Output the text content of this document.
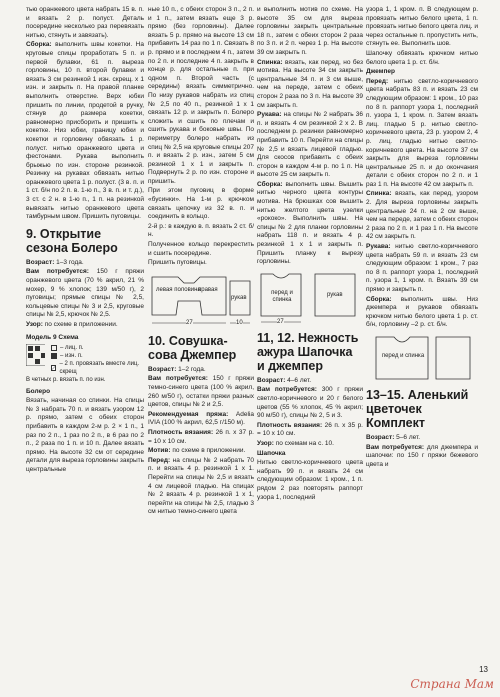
тью оранжевого цвета набрать 15 в. п. и вязать 2 р. полуст. Деталь посередине несколько раз перевязать нитью, стянуть и завязать).

Сборка: выполнить швы кокетки. На круговые спицы проработать 5 п. и первой булавки, 61 п. выреза горловины, 10 п. второй булавки и вязать 3 см резинкой 1 изн. скрещ. х 1 изн. и закрыть п. На правой планке выполнить отверстие. Верх юбки пришить по линии, продетой в ручку, стянув до размера кокетки, равномерно присборить и пришить к кокетке. Низ юбки, границу юбки и кокетки и горловину обвязать 1 р. полуст. нитью оранжевого цвета и фестонами. Рукава выполнить брыжью по изн. стороне резинкой. Резинку на рукавах обвязать нитью оранжевого цвета 1 р. полуст. (3 в. п. и 1 ст. б/н по 2 п. в. 1-ю п., 3 в. п. и т. д.), 3 ст. с 2 н. в 1-ю п., 1 п. на резинкой вывязать нитью оранжевого цвета тамбурным швом. Пришить пуговицы.

9. Открытие сезона Болеро

Возраст: 1–3 года.

Вам потребуется: 150 г пряжи оранжевого цвета (70 % акрил, 21 % мохер, 9 % хлопок; 139 м/50 г), 2 пуговицы; прямые спицы № 2,5, кольцевые спицы № 3 и 2,5, круговые спицы № 2,5, крючок № 2,5.

Узор: по схеме в приложении.

Модель 9 Схема
– лиц. п.
– изн. п.
– 2 п. провязать вместе лиц. скрещ
В четных р. вязать п. по изн.

Болеро

Вязать, начиная со спинки. На спицы № 3 набрать 70 п. и вязать узором 12 р. прямо, затем с обеих сторон прибавить в каждом 2-м р. 2 × 1 п., 1 раз по 2 п., 1 раз по 2 п., в 6 раз по 2 п., 2 раза по 1 п. и 10 п. Далее вязать прямо. На высоте 32 см от середине детали для выреза горловины закрыть центральные

ные 10 п., с обеих сторон 3 п., 2 п. и 1 п., затем вязать еще 3 р. прямо (без горловины). Далее вязать 5 р. прямо на высоте 13 см прибавить 14 раз по 1 п. Связать 8 р. прямо и в последнем 4 п., затем по 2 п. и последние 4 п. закрыть в конце р. для остальные п. при одном п. Второй часть (с середины) вязать симметрично. По низу рукавов набрать из спиц № 2,5 по 40 п., резинкой 1 х 1 связать 12 р. и закрыть п. Болеро сложить и сшить по плечам и сшить рукава и боковые швы. По периметру болеро набрать из спиц № 2,5 на круговые спицы 207 п. и вязать 2 р. изн., затем 5 см резинкой 1 х 1 и закрыть п. Подвернуть 2 р. по изн. стороне и пришить.

При этом пуговиц в форме «бусинки». На 1-м р. крючком связать цепочку из 32 в. п. и соединить в кольцо.

2-й р.: в каждую в. п. вязать 2 ст. б/н.

Полученное кольцо перекрестить и сшить посередине.

Пришить пуговицы.

левая половина
правая
рукав
27	10
10. Совушка-сова Джемпер

Возраст: 1–2 года.

Вам потребуется: 150 г пряжи темно-синего цвета (100 % акрил, 260 м/50 г), остатки пряжи разных цветов, спицы № 2 и 2,5.

Рекомендуемая пряжа: Adelia IVIA (100 % акрил, 62,5 г/150 м).

Плотность вязания: 26 п. х 37 р. = 10 х 10 см.

Мотив: по схеме в приложении.

Перед: на спицы № 2 набрать 70 п. и вязать 4 р. резинкой 1 х 1. Перейти на спицы № 2,5 и вязать 4 см лицевой гладью. На спицах № 2 вязать 4 р. резинкой 1 х 1, перейти на спицы № 2,5, гладью 3 см нитью темно-синего цвета

и выполнить мотив по схеме. На высоте 35 см для выреза горловины закрыть центральные 18 п., затем с обеих сторон 2 раза по 3 п. и 2 п. через 1 р. На высоте 39 см закрыть п.

Спинка: вязать, как перед, но без мотива. На высоте 34 см закрыть центральные 34 п. и 3 см выше, чем на переде, затем с обеих сторон 2 раза по 3 п. На высоте 39 см закрыть п.

Рукава: на спицы № 2 набрать 36 п. и вязать 4 см резинкой 2 х 2. В последнем р. резинки равномерно прибавить 10 п. Перейти на спицы № 2,5 и вязать лицевой гладью. Для скосов прибавить с обеих сторон в каждом 4-м р. по 1 п. На высоте 25 см закрыть п.

Сборка: выполнить швы. Вышить нитью черного цвета контуры мотива. На брюшках сов вышить нитью желтого цвета узелки «рококо». Выполнить швы. На спицы № 2 для планки горловины набрать 118 п. и вязать 4 р. резинкой 1 х 1 и закрыть п. Пришить планку к вырезу горловины.

перед и спинка
рукав
27
11, 12. Нежность ажура Шапочка и джемпер

Возраст: 4–6 лет.

Вам потребуется: 300 г пряжи светло-коричневого и 20 г белого цветов (55 % хлопок, 45 % акрил; 90 м/50 г), спицы № 2, 5 и 3.

Плотность вязания: 26 п. х 35 р. = 10 х 10 см.

Узор: по схемам на с. 10.

Шапочка

Нитью светло-коричневого цвета набрать 99 п. и вязать 24 см следующим образом: 1 кром., 1 п. рядом 2 раз повторять раппорт узора 1, последний

узора 1, 1 кром. п. В следующем р. провязать нитью белого цвета, 1 п. провязать нитью белого цвета лиц. и через остальные п. пропустить нить, стянуть ее. Выполнить шов.

Шапочку обвязать крючком нитью белого цвета 1 р. ст. б/н.

Джемпер

Перед: нитью светло-коричневого цвета набрать 83 п. и вязать 23 см следующим образом: 1 кром., 10 раз по 8 п. раппорт узора 1, последний п. узора 1, 1 кром. п. Затем вязать лиц. гладью 5 р. нитью светло-коричневого цвета, 23 р. узором 2, 4 р. лиц. гладью нитью светло-коричневого цвета. На высоте 37 см закрыть для выреза горловины центральные 25 п. и до окончания детали с обеих сторон по 2 п. и 1 раз 1 п. На высоте 42 см закрыть п.

Спинка: вязать, как перед, узором 2. Для выреза горловины закрыть центральные 24 п. на 2 см выше, чем на переде, затем с обеих сторон 2 раза по 2 п. и 1 раз 1 п. На высоте 42 см закрыть п.

Рукава: нитью светло-коричневого цвета набрать 59 п. и вязать 23 см следующим образом: 1 кром., 7 раз по 8 п. раппорт узора 1, последний п. узора 1, 1 кром. п. Вязать 39 см прямо и закрыть п.

Сборка: выполнить швы. Низ джемпера и рукавов обвязать крючком нитью белого цвета 1 р. ст. б/н, горловину –2 р. ст. б/н.

перед и спинка
13–15. Аленький цветочек Комплект

Возраст: 5–6 лет.

Вам потребуется: для джемпера и шапочки: по 150 г пряжи бежевого цвета и

13
Страна Мам
